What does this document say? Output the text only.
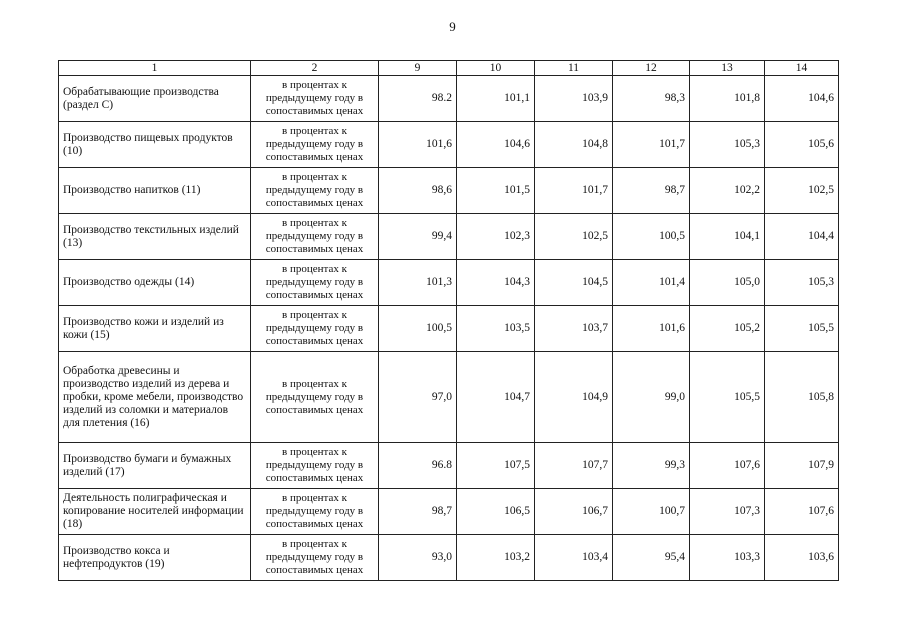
9
1	2	9	10	11	12	13	14
Обрабатывающие производства (раздел С)	в процентах к предыдущему году в сопоставимых ценах	98.2	101,1	103,9	98,3	101,8	104,6
Производство пищевых продуктов (10)	в процентах к предыдущему году в сопоставимых ценах	101,6	104,6	104,8	101,7	105,3	105,6
Производство напитков (11)	в процентах к предыдущему году в сопоставимых ценах	98,6	101,5	101,7	98,7	102,2	102,5
Производство текстильных изделий (13)	в процентах к предыдущему году в сопоставимых ценах	99,4	102,3	102,5	100,5	104,1	104,4
Производство одежды (14)	в процентах к предыдущему году в сопоставимых ценах	101,3	104,3	104,5	101,4	105,0	105,3
Производство кожи и изделий из кожи (15)	в процентах к предыдущему году в сопоставимых ценах	100,5	103,5	103,7	101,6	105,2	105,5
Обработка древесины и производство изделий из дерева и пробки, кроме мебели, производство изделий из соломки и материалов для плетения (16)	в процентах к предыдущему году в сопоставимых ценах	97,0	104,7	104,9	99,0	105,5	105,8
Производство бумаги и бумажных изделий (17)	в процентах к предыдущему году в сопоставимых ценах	96.8	107,5	107,7	99,3	107,6	107,9
Деятельность полиграфическая и копирование носителей информации (18)	в процентах к предыдущему году в сопоставимых ценах	98,7	106,5	106,7	100,7	107,3	107,6
Производство кокса и нефтепродуктов (19)	в процентах к предыдущему году в сопоставимых ценах	93,0	103,2	103,4	95,4	103,3	103,6
